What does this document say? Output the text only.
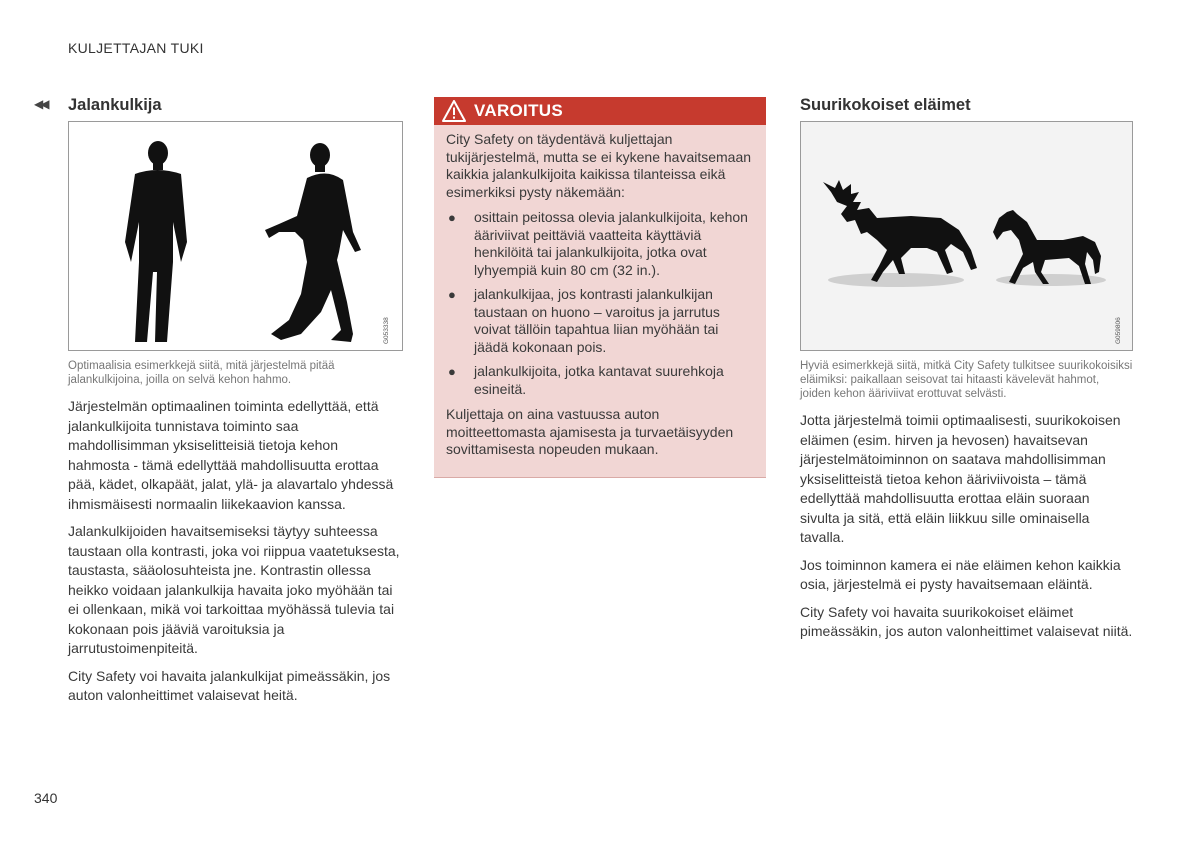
KULJETTAJAN TUKI
◀◀ Jalankulkija
G053338
Optimaalisia esimerkkejä siitä, mitä järjestelmä pitää jalankulkijoina, joilla on selvä kehon hahmo.

Järjestelmän optimaalinen toiminta edellyttää, että jalankulkijoita tunnistava toiminto saa mahdollisimman yksiselitteisiä tietoja kehon hahmosta - tämä edellyttää mahdollisuutta erottaa pää, kädet, olkapäät, jalat, ylä- ja alavartalo yhdessä ihmismäisesti normaalin liikekaavion kanssa.

Jalankulkijoiden havaitsemiseksi täytyy suhteessa taustaan olla kontrasti, joka voi riippua vaatetuksesta, taustasta, sääolosuhteista jne. Kontrastin ollessa heikko voidaan jalankulkija havaita joko myöhään tai ei ollenkaan, mikä voi tarkoittaa myöhässä tulevia tai kokonaan pois jääviä varoituksia ja jarrutustoimenpiteitä.

City Safety voi havaita jalankulkijat pimeässäkin, jos auton valonheittimet valaisevat heitä.

VAROITUS

City Safety on täydentävä kuljettajan tukijärjestelmä, mutta se ei kykene havaitsemaan kaikkia jalankulkijoita kaikissa tilanteissa eikä esimerkiksi pysty näkemään:

● osittain peitossa olevia jalankulkijoita, kehon ääriviivat peittäviä vaatteita käyttäviä henkilöitä tai jalankulkijoita, jotka ovat lyhyempiä kuin 80 cm (32 in.).
● jalankulkijaa, jos kontrasti jalankulkijan taustaan on huono – varoitus ja jarrutus voivat tällöin tapahtua liian myöhään tai jäädä kokonaan pois.
● jalankulkijoita, jotka kantavat suurehkoja esineitä.

Kuljettaja on aina vastuussa auton moitteettomasta ajamisesta ja turvaetäisyyden sovittamisesta nopeuden mukaan.

Suurikokoiset eläimet
G059806
Hyviä esimerkkejä siitä, mitkä City Safety tulkitsee suurikokoisiksi eläimiksi: paikallaan seisovat tai hitaasti kävelevät hahmot, joiden kehon ääriviivat erottuvat selvästi.

Jotta järjestelmä toimii optimaalisesti, suurikokoisen eläimen (esim. hirven ja hevosen) havaitsevan järjestelmätoiminnon on saatava mahdollisimman yksiselitteistä tietoa kehon ääriviivoista – tämä edellyttää mahdollisuutta erottaa eläin suoraan sivulta ja sitä, että eläin liikkuu sille ominaisella tavalla.

Jos toiminnon kamera ei näe eläimen kehon kaikkia osia, järjestelmä ei pysty havaitsemaan eläintä.

City Safety voi havaita suurikokoiset eläimet pimeässäkin, jos auton valonheittimet valaisevat niitä.

340
